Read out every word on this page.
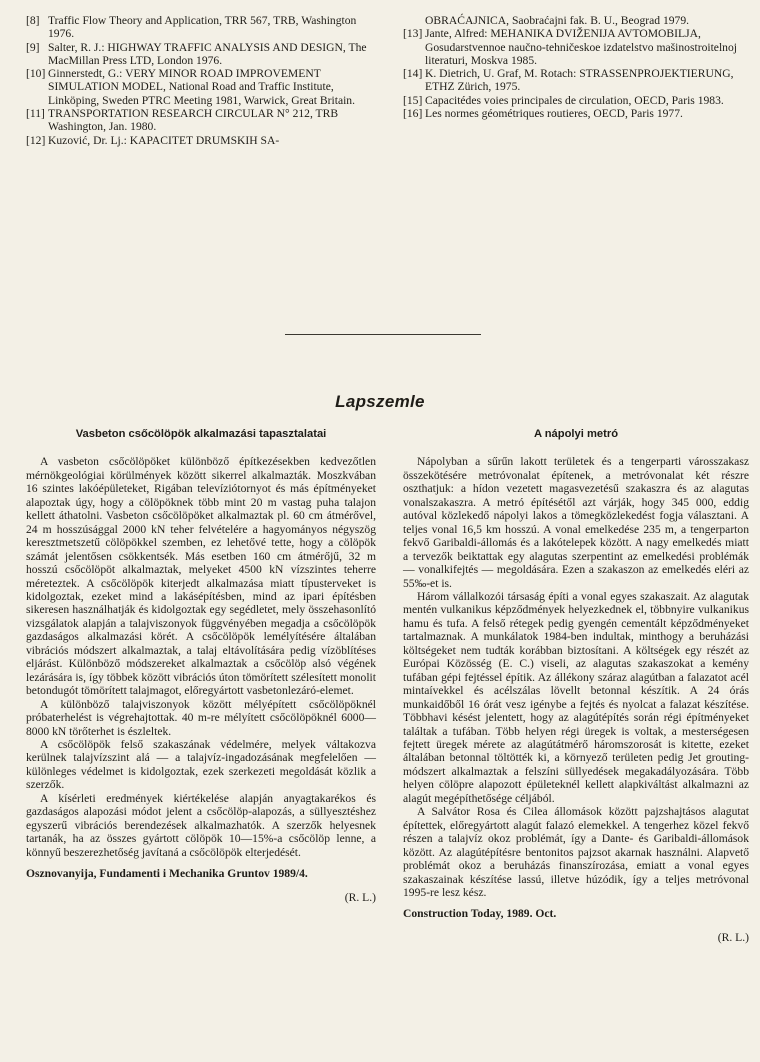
[8] Traffic Flow Theory and Application, TRR 567, TRB, Washington 1976.
[9] Salter, R. J.: HIGHWAY TRAFFIC ANALYSIS AND DESIGN, The MacMillan Press LTD, London 1976.
[10] Ginnerstedt, G.: VERY MINOR ROAD IMPROVEMENT SIMULATION MODEL, National Road and Traffic Institute, Linköping, Sweden PTRC Meeting 1981, Warwick, Great Britain.
[11] TRANSPORTATION RESEARCH CIRCULAR N° 212, TRB Washington, Jan. 1980.
[12] Kuzović, Dr. Lj.: KAPACITET DRUMSKIH SA-
OBRAĆAJNICA, Saobraćajni fak. B. U., Beograd 1979.
[13] Jante, Alfred: MEHANIKA DVIŽENIJA AVTOMOBILJA, Gosudarstvennoe naučno-tehničeskoe izdatelstvo mašinostroitelnoj literaturi, Moskva 1985.
[14] K. Dietrich, U. Graf, M. Rotach: STRASSENPROJEKTIERUNG, ETHZ Zürich, 1975.
[15] Capacitédes voies principales de circulation, OECD, Paris 1983.
[16] Les normes géométriques routieres, OECD, Paris 1977.
Lapszemle
Vasbeton csőcölöpök alkalmazási tapasztalatai

A vasbeton csőcölöpöket különböző építkezésekben kedvezőtlen mérnökgeológiai körülmények között sikerrel alkalmazták. Moszkvában 16 szintes lakóépületeket, Rigában televíziótornyot és más építményeket alapoztak úgy, hogy a cölöpöknek több mint 20 m vastag puha talajon kellett áthatolni. Vasbeton csőcölöpöket alkalmaztak pl. 60 cm átmérővel, 24 m hosszúsággal 2000 kN teher felvételére a hagyományos négyszög keresztmetszetű cölöpökkel szemben, ez lehetővé tette, hogy a cölöpök számát jelentősen csökkentsék. Más esetben 160 cm átmérőjű, 32 m hosszú csőcölöpöt alkalmaztak, melyeket 4500 kN vízszintes teherre méreteztek. A csőcölöpök kiterjedt alkalmazása miatt típusterveket is kidolgoztak, ezeket mind a lakásépítésben, mind az ipari építésben sikeresen használhatják és kidolgoztak egy segédletet, mely összehasonlító vizsgálatok alapján a talajviszonyok függvényében megadja a csőcölöpök gazdaságos alkalmazási körét. A csőcölöpök lemélyítésére általában vibrációs módszert alkalmaztak, a talaj eltávolítására pedig vízöblítéses eljárást. Különböző módszereket alkalmaztak a csőcölöp alsó végének lezárására is, így többek között vibrációs úton tömörített szélesített monolit betondugót tömörített talajmagot, előregyártott vasbetonlezáró-elemet.

A különböző talajviszonyok között mélyépített csőcölöpöknél próbaterhelést is végrehajtottak. 40 m-re mélyített csőcölöpöknél 6000—8000 kN törőterhet is észleltek.

A csőcölöpök felső szakaszának védelmére, melyek váltakozva kerülnek talajvízszint alá — a talajvíz-ingadozásának megfelelően — különleges védelmet is kidolgoztak, ezek szerkezeti megoldását közlik a szerzők.

A kísérleti eredmények kiértékelése alapján anyagtakarékos és gazdaságos alapozási módot jelent a csőcölöp-alapozás, a süllyesztéshez egyszerű vibrációs berendezések alkalmazhatók. A szerzők helyesnek tartanák, ha az összes gyártott cölöpök 10—15%-a csőcölöp lenne, a könnyű beszerezhetőség javítaná a csőcölöpök elterjedését.

Osznovanyija, Fundamenti i Mechanika Gruntov 1989/4.
(R. L.)
A nápolyi metró

Nápolyban a sűrűn lakott területek és a tengerparti városszakasz összekötésére metróvonalat építenek, a metróvonalat két részre oszthatjuk: a hídon vezetett magasvezetésű szakaszra és az alagutas vonalszakaszra. A metró építésétől azt várják, hogy 345 000, eddig autóval közlekedő nápolyi lakos a tömegközlekedést fogja választani. A teljes vonal 16,5 km hosszú. A vonal emelkedése 235 m, a tengerparton fekvő Garibaldi-állomás és a lakótelepek között. A nagy emelkedés miatt a tervezők beiktattak egy alagutas szerpentint az emelkedési problémák — vonalkifejtés — megoldására. Ezen a szakaszon az emelkedés eléri az 55‰-et is.

Három vállalkozói társaság építi a vonal egyes szakaszait. Az alagutak mentén vulkanikus képződmények helyezkednek el, többnyire vulkanikus hamu és tufa. A felső rétegek pedig gyengén cementált képződményeket tartalmaznak. A munkálatok 1984-ben indultak, minthogy a beruházási költségeket nem tudták korábban biztosítani. A költségek egy részét az Európai Közösség (E. C.) viseli, az alagutas szakaszokat a kemény tufában gépi fejtéssel építik. Az állékony száraz alagútban a falazatot acél mintaívekkel és acélszálas lövellt betonnal készítik. A 24 órás munkaidőből 16 órát vesz igénybe a fejtés és nyolcat a falazat készítése. Többhavi késést jelentett, hogy az alagútépítés során régi építményeket találtak a tufában. Több helyen régi üregek is voltak, a mesterségesen fejtett üregek mérete az alagútátmérő háromszorosát is kitette, ezeket általában betonnal töltötték ki, a környező területen pedig Jet grouting-módszert alkalmaztak a felszíni süllyedések megakadályozására. Több helyen cölöpre alapozott épületeknél kellett alapkiváltást alkalmazni az alagút megépíthetősége céljából.

A Salvátor Rosa és Cilea állomások között pajzshajtásos alagutat építettek, előregyártott alagút falazó elemekkel. A tengerhez közel fekvő részen a talajvíz okoz problémát, így a Dante- és Garibaldi-állomások között. Az alagútépítésre bentonitos pajzsot akarnak használni. Alapvető problémát okoz a beruházás finanszírozása, emiatt a vonal egyes szakaszainak készítése lassú, illetve húzódik, így a teljes metróvonal 1995-re lesz kész.

Construction Today, 1989. Oct.
(R. L.)
